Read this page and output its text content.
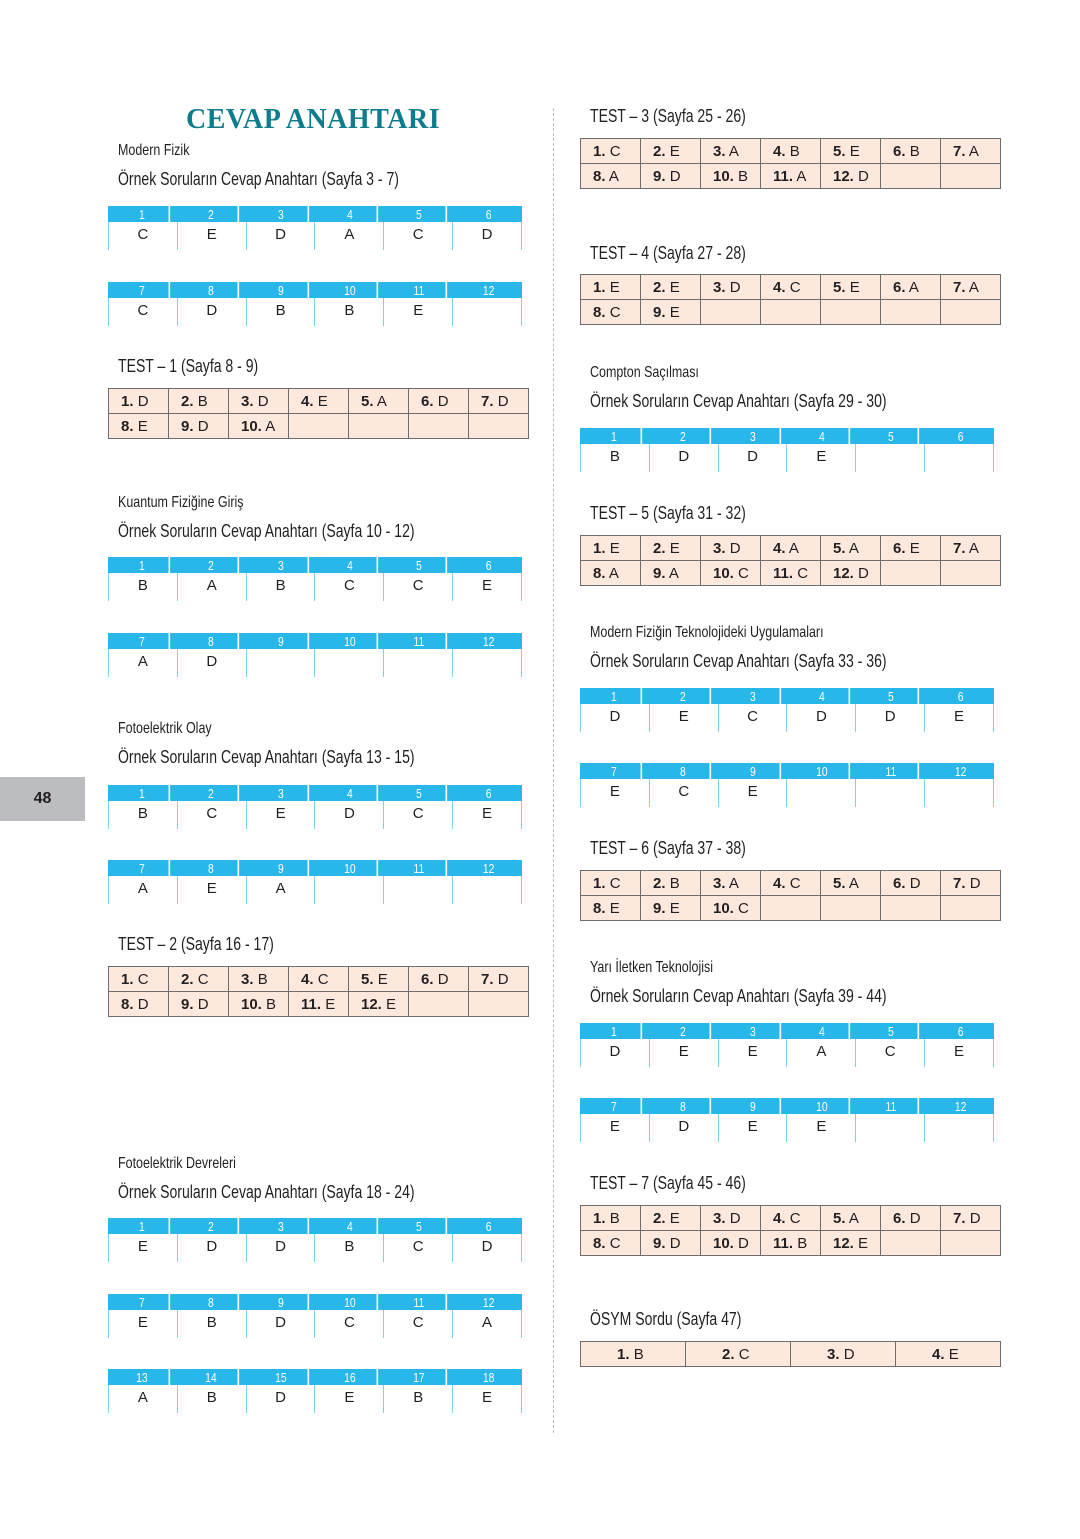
CEVAP ANAHTARI
48
Modern Fizik
Örnek Soruların Cevap Anahtarı (Sayfa 3 - 7)
1	2	3	4	5	6
C	E	D	A	C	D
7	8	9	10	11	12
C	D	B	B	E
TEST – 1 (Sayfa 8 - 9)
1. D	2. B	3. D	4. E	5. A	6. D	7. D
8. E	9. D	10. A				
Kuantum Fiziğine Giriş
Örnek Soruların Cevap Anahtarı (Sayfa 10 - 12)
1	2	3	4	5	6
B	A	B	C	C	E
7	8	9	10	11	12
A	D
Fotoelektrik Olay
Örnek Soruların Cevap Anahtarı (Sayfa 13 - 15)
1	2	3	4	5	6
B	C	E	D	C	E
7	8	9	10	11	12
A	E	A
TEST – 2 (Sayfa 16 - 17)
1. C	2. C	3. B	4. C	5. E	6. D	7. D
8. D	9. D	10. B	11. E	12. E		
Fotoelektrik Devreleri
Örnek Soruların Cevap Anahtarı (Sayfa 18 - 24)
1	2	3	4	5	6
E	D	D	B	C	D
7	8	9	10	11	12
E	B	D	C	C	A
13	14	15	16	17	18
A	B	D	E	B	E
TEST – 3 (Sayfa 25 - 26)
1. C	2. E	3. A	4. B	5. E	6. B	7. A
8. A	9. D	10. B	11. A	12. D		
TEST – 4 (Sayfa 27 - 28)
1. E	2. E	3. D	4. C	5. E	6. A	7. A
8. C	9. E					
Compton Saçılması
Örnek Soruların Cevap Anahtarı (Sayfa 29 - 30)
1	2	3	4	5	6
B	D	D	E
TEST – 5 (Sayfa 31 - 32)
1. E	2. E	3. D	4. A	5. A	6. E	7. A
8. A	9. A	10. C	11. C	12. D		
Modern Fiziğin Teknolojideki Uygulamaları
Örnek Soruların Cevap Anahtarı (Sayfa 33 - 36)
1	2	3	4	5	6
D	E	C	D	D	E
7	8	9	10	11	12
E	C	E
TEST – 6 (Sayfa 37 - 38)
1. C	2. B	3. A	4. C	5. A	6. D	7. D
8. E	9. E	10. C				
Yarı İletken Teknolojisi
Örnek Soruların Cevap Anahtarı (Sayfa 39 - 44)
1	2	3	4	5	6
D	E	E	A	C	E
7	8	9	10	11	12
E	D	E	E
TEST – 7 (Sayfa 45 - 46)
1. B	2. E	3. D	4. C	5. A	6. D	7. D
8. C	9. D	10. D	11. B	12. E		
ÖSYM Sordu (Sayfa 47)
1. B	2. C	3. D	4. E
